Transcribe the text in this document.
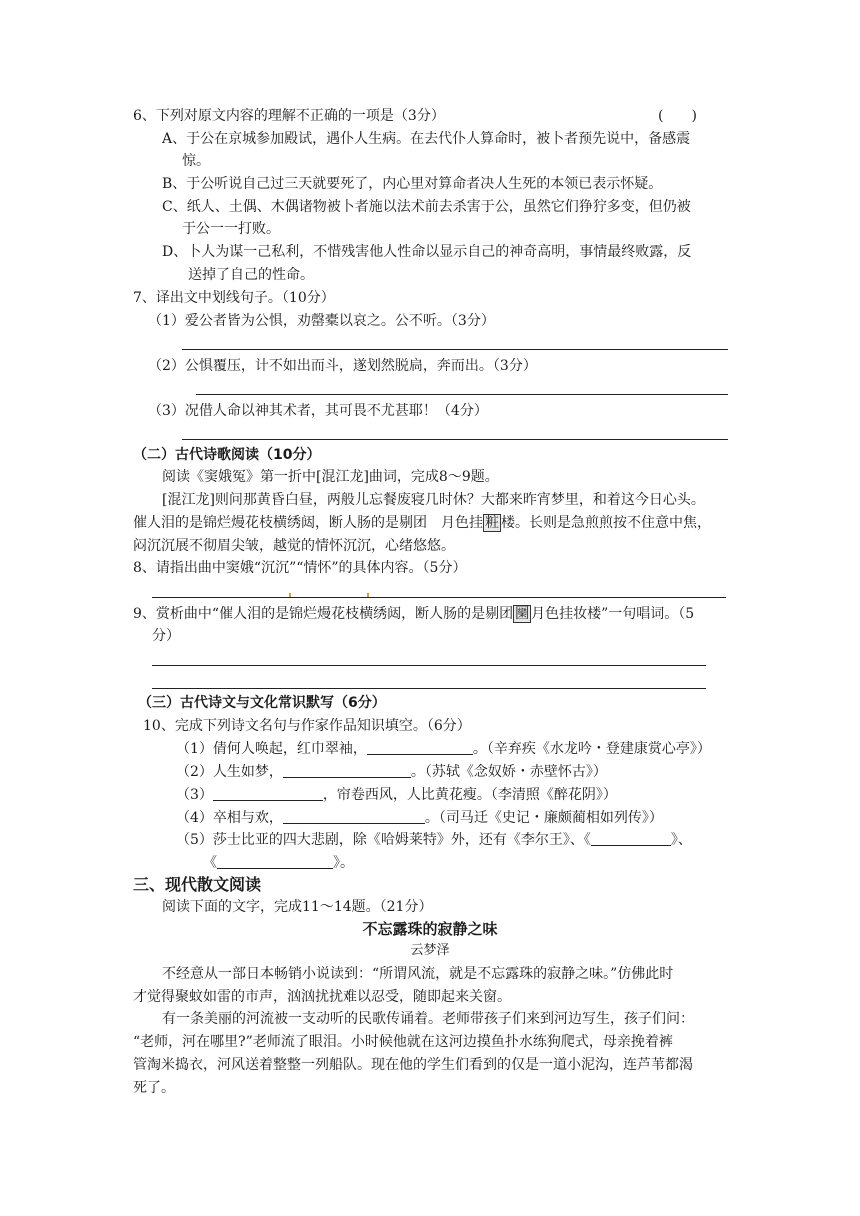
6、下列对原文内容的理解不正确的一项是（3分）	(　　)
A、于公在京城参加殿试，遇仆人生病。在去代仆人算命时，被卜者预先说中，备感震
惊。
B、于公听说自己过三天就要死了，内心里对算命者决人生死的本领已表示怀疑。
C、纸人、土偶、木偶诸物被卜者施以法术前去杀害于公，虽然它们狰狞多变，但仍被
于公一一打败。
D、卜人为谋一己私利，不惜残害他人性命以显示自己的神奇高明，事情最终败露，反
送掉了自己的性命。
7、译出文中划线句子。（10分）
（1）爱公者皆为公惧，劝罄橐以哀之。公不听。（3分）
（2）公惧覆压，计不如出而斗，遂划然脱扃，奔而出。（3分）
（3）况借人命以神其术者，其可畏不尤甚耶！（4分）
（二）古代诗歌阅读（10分）
阅读《窦娥冤》第一折中[混江龙]曲词，完成8～9题。
[混江龙]则问那黄昏白昼，两般儿忘餐废寝几时休？大都来昨宵梦里，和着这今日心头。
催人泪的是锦烂熳花枝横绣闼，断人肠的是剔团　月色挂 粧 楼。长则是急煎煎按不住意中焦，
闷沉沉展不彻眉尖皱，越觉的情怀沉沉，心绪悠悠。
8、请指出曲中窦娥“沉沉”“情怀”的具体内容。（5分）
9、赏析曲中“催人泪的是锦烂熳花枝横绣闼，断人肠的是剔团 圞 月色挂妆楼”一句唱词。（5
分）
（三）古代诗文与文化常识默写（6分）
10、完成下列诗文名句与作家作品知识填空。（6分）
（1）倩何人唤起，红巾翠袖，	。（辛弃疾《水龙吟・登建康赏心亭》）
（2）人生如梦，	。（苏轼《念奴娇・赤壁怀古》）
（3）	，帘卷西风，人比黄花瘦。（李清照《醉花阴》）
（4）卒相与欢，	。（司马迁《史记・廉颇蔺相如列传》）
（5）莎士比亚的四大悲剧，除《哈姆莱特》外，还有《李尔王》、《	》、
《	》。
三、现代散文阅读
阅读下面的文字，完成11～14题。（21分）
不忘露珠的寂静之味
云梦泽
不经意从一部日本畅销小说读到：“所谓风流，就是不忘露珠的寂静之味。”仿佛此时
才觉得聚蚊如雷的市声，汹汹扰扰难以忍受，随即起来关窗。
有一条美丽的河流被一支动听的民歌传诵着。老师带孩子们来到河边写生，孩子们问：
“老师，河在哪里?”老师流了眼泪。小时候他就在这河边摸鱼扑水练狗爬式，母亲挽着裤
管淘米捣衣，河风送着整整一列船队。现在他的学生们看到的仅是一道小泥沟，连芦苇都渴
死了。
